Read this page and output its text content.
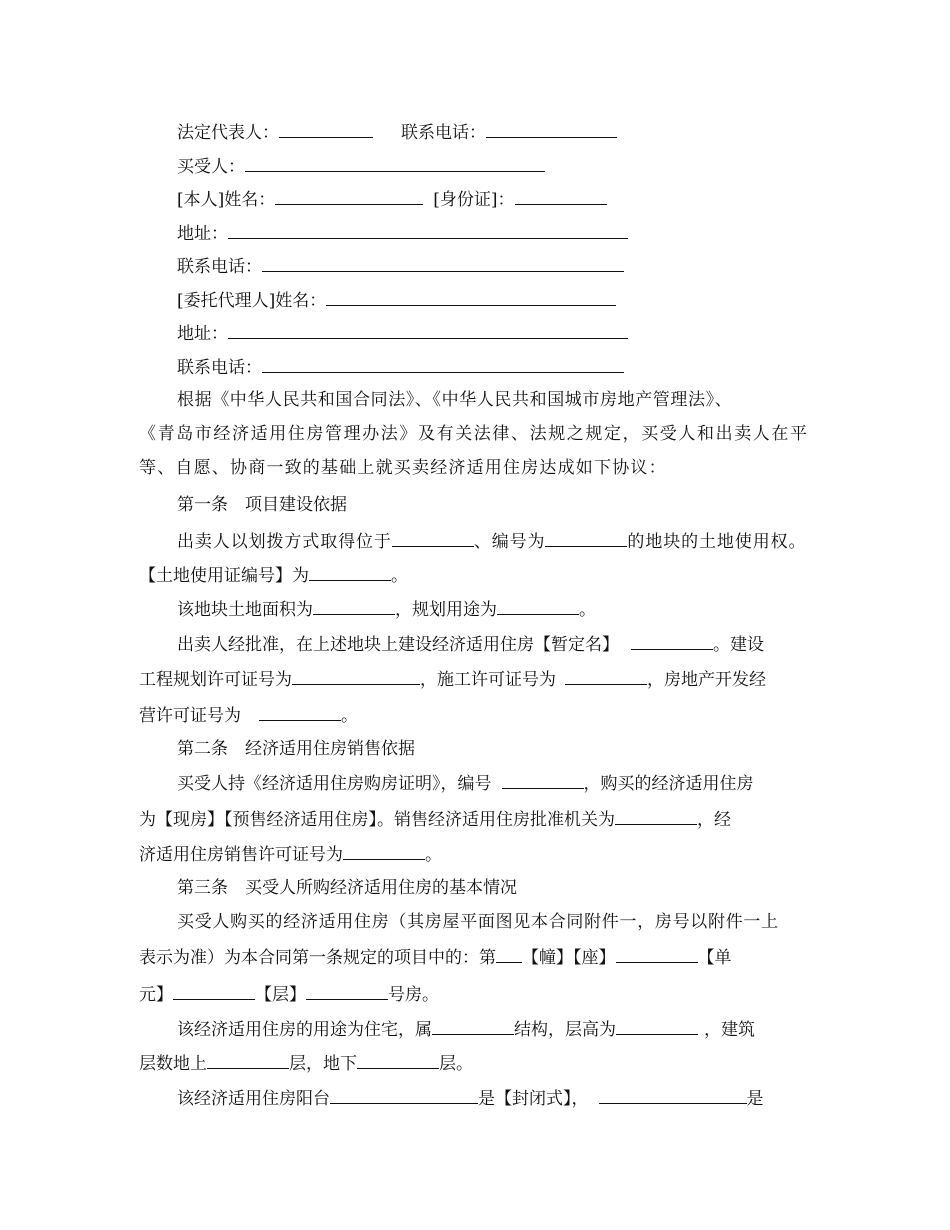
法定代表人：	联系电话：
买受人：
[本人]姓名：	[身份证]：
地址：
联系电话：
[委托代理人]姓名：
地址：
联系电话：
根据《中华人民共和国合同法》、《中华人民共和国城市房地产管理法》、
《青岛市经济适用住房管理办法》及有关法律、法规之规定，买受人和出卖人在平
等、自愿、协商一致的基础上就买卖经济适用住房达成如下协议：
第一条　项目建设依据
出卖人以划拨方式取得位于	、编号为	的地块的土地使用权。
【土地使用证编号】为	。
该地块土地面积为	，规划用途为	。
出卖人经批准，在上述地块上建设经济适用住房【暂定名】	。建设
工程规划许可证号为	，施工许可证号为	，房地产开发经
营许可证号为	。
第二条　经济适用住房销售依据
买受人持《经济适用住房购房证明》，编号	，购买的经济适用住房
为【现房】【预售经济适用住房】。销售经济适用住房批准机关为	，经
济适用住房销售许可证号为	。
第三条　买受人所购经济适用住房的基本情况
买受人购买的经济适用住房（其房屋平面图见本合同附件一，房号以附件一上
表示为准）为本合同第一条规定的项目中的：第 【幢】【座】	【单
元】	【层】	号房。
该经济适用住房的用途为住宅，属	结构，层高为	，建筑
层数地上	层，地下	层。
该经济适用住房阳台	是【封闭式】，	是
